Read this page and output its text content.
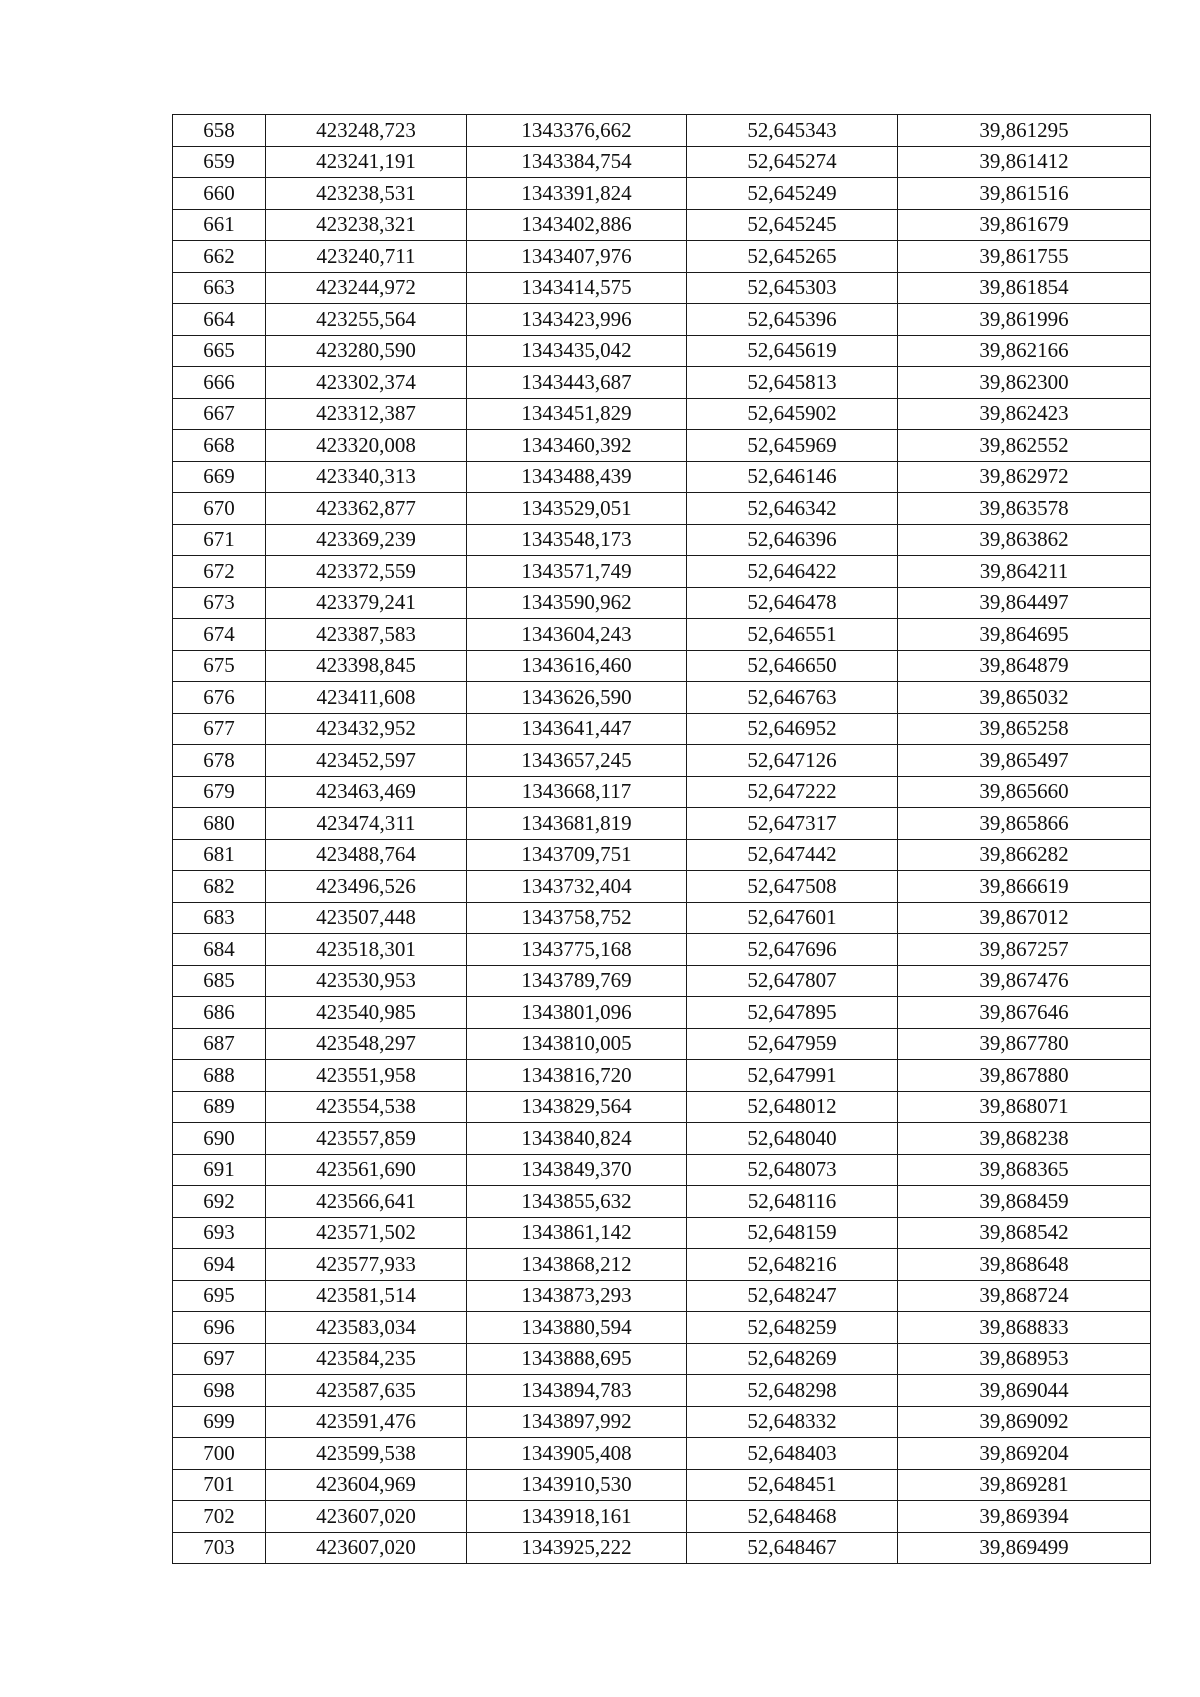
658	423248,723	1343376,662	52,645343	39,861295
659	423241,191	1343384,754	52,645274	39,861412
660	423238,531	1343391,824	52,645249	39,861516
661	423238,321	1343402,886	52,645245	39,861679
662	423240,711	1343407,976	52,645265	39,861755
663	423244,972	1343414,575	52,645303	39,861854
664	423255,564	1343423,996	52,645396	39,861996
665	423280,590	1343435,042	52,645619	39,862166
666	423302,374	1343443,687	52,645813	39,862300
667	423312,387	1343451,829	52,645902	39,862423
668	423320,008	1343460,392	52,645969	39,862552
669	423340,313	1343488,439	52,646146	39,862972
670	423362,877	1343529,051	52,646342	39,863578
671	423369,239	1343548,173	52,646396	39,863862
672	423372,559	1343571,749	52,646422	39,864211
673	423379,241	1343590,962	52,646478	39,864497
674	423387,583	1343604,243	52,646551	39,864695
675	423398,845	1343616,460	52,646650	39,864879
676	423411,608	1343626,590	52,646763	39,865032
677	423432,952	1343641,447	52,646952	39,865258
678	423452,597	1343657,245	52,647126	39,865497
679	423463,469	1343668,117	52,647222	39,865660
680	423474,311	1343681,819	52,647317	39,865866
681	423488,764	1343709,751	52,647442	39,866282
682	423496,526	1343732,404	52,647508	39,866619
683	423507,448	1343758,752	52,647601	39,867012
684	423518,301	1343775,168	52,647696	39,867257
685	423530,953	1343789,769	52,647807	39,867476
686	423540,985	1343801,096	52,647895	39,867646
687	423548,297	1343810,005	52,647959	39,867780
688	423551,958	1343816,720	52,647991	39,867880
689	423554,538	1343829,564	52,648012	39,868071
690	423557,859	1343840,824	52,648040	39,868238
691	423561,690	1343849,370	52,648073	39,868365
692	423566,641	1343855,632	52,648116	39,868459
693	423571,502	1343861,142	52,648159	39,868542
694	423577,933	1343868,212	52,648216	39,868648
695	423581,514	1343873,293	52,648247	39,868724
696	423583,034	1343880,594	52,648259	39,868833
697	423584,235	1343888,695	52,648269	39,868953
698	423587,635	1343894,783	52,648298	39,869044
699	423591,476	1343897,992	52,648332	39,869092
700	423599,538	1343905,408	52,648403	39,869204
701	423604,969	1343910,530	52,648451	39,869281
702	423607,020	1343918,161	52,648468	39,869394
703	423607,020	1343925,222	52,648467	39,869499
